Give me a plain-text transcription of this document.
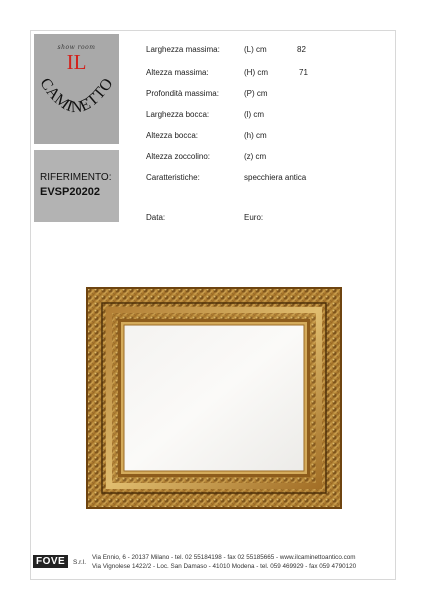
show room
IL
CAMINETTO
RIFERIMENTO:
EVSP20202
Larghezza massima:	(L) cm	82
Altezza massima:	(H) cm	71
Profondità massima:	(P) cm
Larghezza bocca:	(l) cm
Altezza bocca:	(h) cm
Altezza zoccolino:	(z) cm
Caratteristiche:	specchiera antica
Data:	Euro:
FOVE	S.r.l.
Via Ennio, 6 - 20137 Milano - tel. 02 55184198 - fax 02 55185665 - www.ilcaminettoantico.com
Via Vignolese 1422/2 - Loc. San Damaso - 41010 Modena - tel. 059 469929 - fax 059 4790120
